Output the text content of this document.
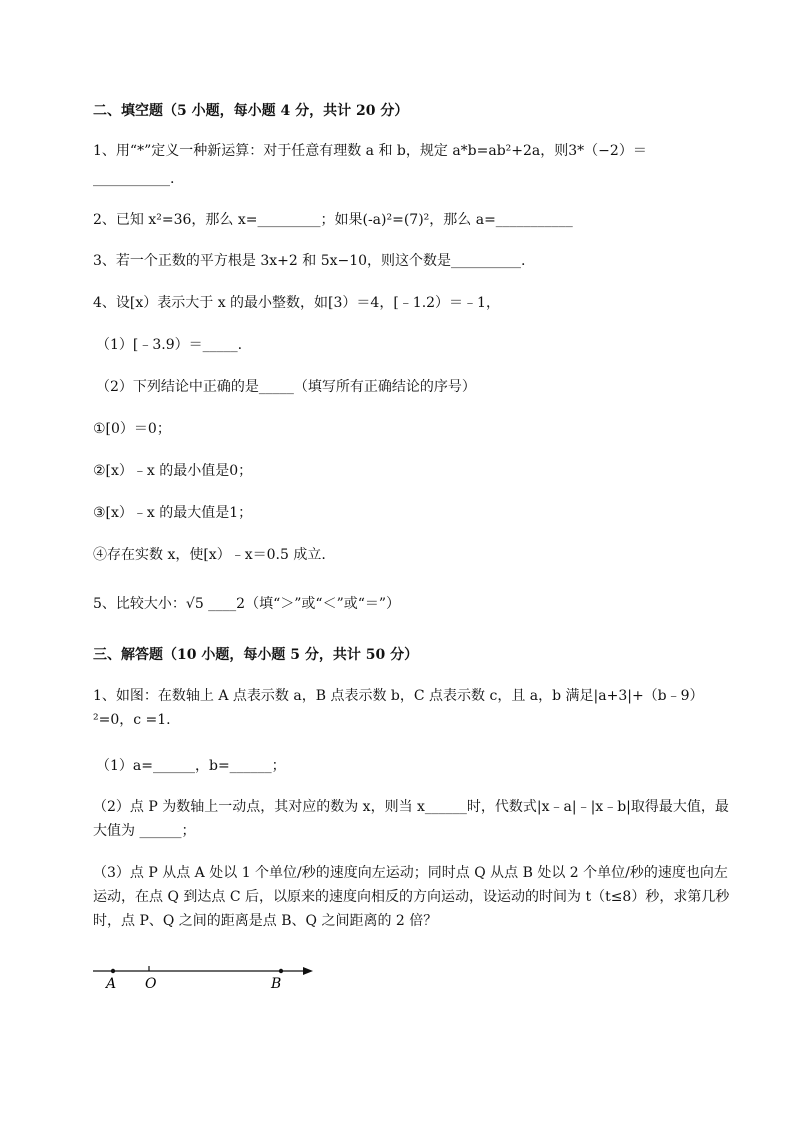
二、填空题（5 小题，每小题 4 分，共计 20 分）
1、用“*”定义一种新运算：对于任意有理数 a 和 b，规定 a*b=ab²+2a，则3*（−2）＝
___________.
2、已知 x²=36，那么 x=_________；如果(-a)²=(7)²，那么 a=___________
3、若一个正数的平方根是 3x+2 和 5x−10，则这个数是__________.
4、设[x）表示大于 x 的最小整数，如[3）＝4，[﹣1.2）＝﹣1，
（1）[﹣3.9）＝_____.
（2）下列结论中正确的是_____（填写所有正确结论的序号）
①[0）＝0；
②[x）﹣x 的最小值是0；
③[x）﹣x 的最大值是1；
④存在实数 x，使[x）﹣x＝0.5 成立.
5、比较大小：√5 ____2（填“＞”或“＜”或“＝”）
三、解答题（10 小题，每小题 5 分，共计 50 分）
1、如图：在数轴上 A 点表示数 a，B 点表示数 b，C 点表示数 c，且 a，b 满足|a+3|+（b﹣9）²=0，c =1.
（1）a=______，b=______；
（2）点 P 为数轴上一动点，其对应的数为 x，则当 x______时，代数式|x﹣a|﹣|x﹣b|取得最大值，最大值为 ______；
（3）点 P 从点 A 处以 1 个单位/秒的速度向左运动；同时点 Q 从点 B 处以 2 个单位/秒的速度也向左运动，在点 Q 到达点 C 后，以原来的速度向相反的方向运动，设运动的时间为 t（t≤8）秒，求第几秒时，点 P、Q 之间的距离是点 B、Q 之间距离的 2 倍？
A O	B
